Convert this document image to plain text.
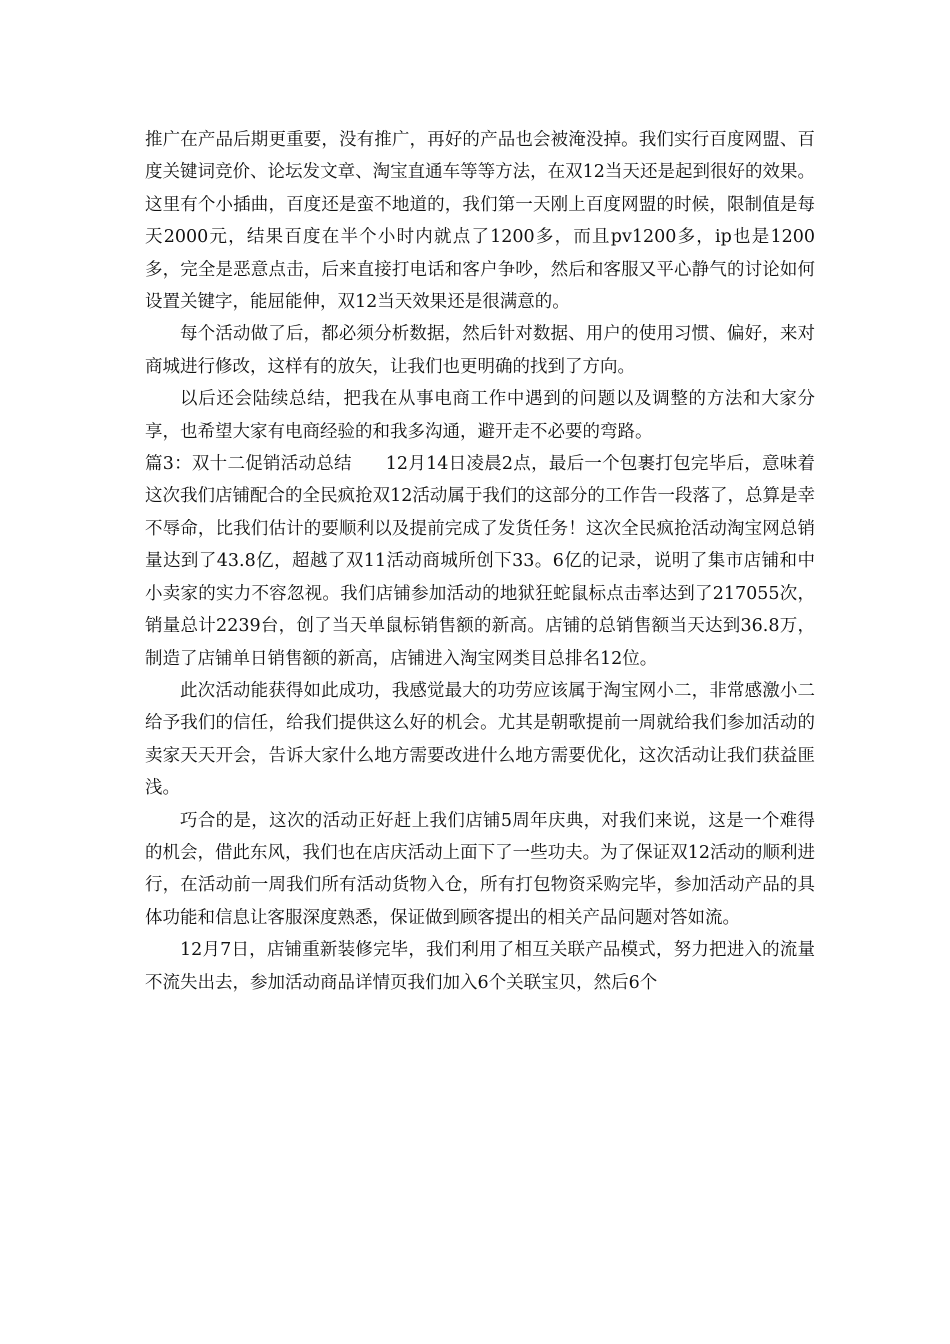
推广在产品后期更重要，没有推广，再好的产品也会被淹没掉。我们实行百度网盟、百度关键词竞价、论坛发文章、淘宝直通车等等方法，在双12当天还是起到很好的效果。这里有个小插曲，百度还是蛮不地道的，我们第一天刚上百度网盟的时候，限制值是每天2000元，结果百度在半个小时内就点了1200多，而且pv1200多，ip也是1200多，完全是恶意点击，后来直接打电话和客户争吵，然后和客服又平心静气的讨论如何设置关键字，能屈能伸，双12当天效果还是很满意的。

每个活动做了后，都必须分析数据，然后针对数据、用户的使用习惯、偏好，来对商城进行修改，这样有的放矢，让我们也更明确的找到了方向。

以后还会陆续总结，把我在从事电商工作中遇到的问题以及调整的方法和大家分享，也希望大家有电商经验的和我多沟通，避开走不必要的弯路。

篇3：双十二促销活动总结 12月14日凌晨2点，最后一个包裹打包完毕后，意味着这次我们店铺配合的全民疯抢双12活动属于我们的这部分的工作告一段落了，总算是幸不辱命，比我们估计的要顺利以及提前完成了发货任务！这次全民疯抢活动淘宝网总销量达到了43.8亿，超越了双11活动商城所创下33。6亿的记录，说明了集市店铺和中小卖家的实力不容忽视。我们店铺参加活动的地狱狂蛇鼠标点击率达到了217055次，销量总计2239台，创了当天单鼠标销售额的新高。店铺的总销售额当天达到36.8万，制造了店铺单日销售额的新高，店铺进入淘宝网类目总排名12位。

此次活动能获得如此成功，我感觉最大的功劳应该属于淘宝网小二，非常感激小二给予我们的信任，给我们提供这么好的机会。尤其是朝歌提前一周就给我们参加活动的卖家天天开会，告诉大家什么地方需要改进什么地方需要优化，这次活动让我们获益匪浅。

巧合的是，这次的活动正好赶上我们店铺5周年庆典，对我们来说，这是一个难得的机会，借此东风，我们也在店庆活动上面下了一些功夫。为了保证双12活动的顺利进行，在活动前一周我们所有活动货物入仓，所有打包物资采购完毕，参加活动产品的具体功能和信息让客服深度熟悉，保证做到顾客提出的相关产品问题对答如流。

12月7日，店铺重新装修完毕，我们利用了相互关联产品模式，努力把进入的流量不流失出去，参加活动商品详情页我们加入6个关联宝贝，然后6个
